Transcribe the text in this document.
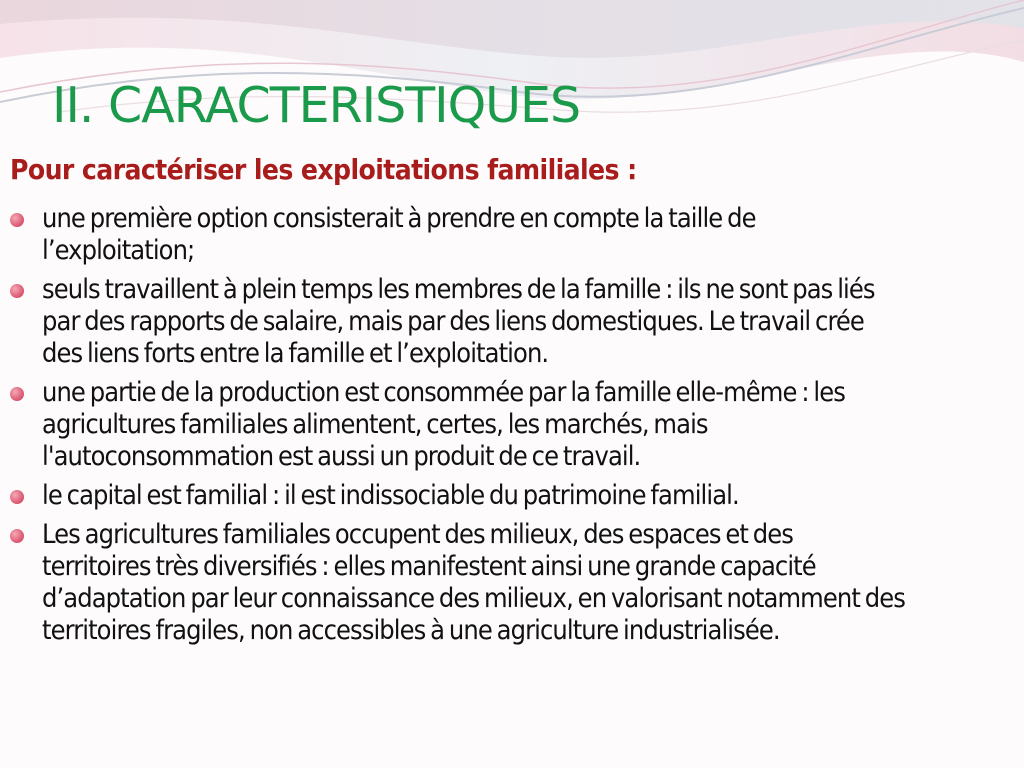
II. CARACTERISTIQUES
Pour caractériser les exploitations familiales :
une première option consisterait à prendre en compte la taille de
l’exploitation;
seuls travaillent à plein temps les membres de la famille : ils ne sont pas liés
par des rapports de salaire, mais par des liens domestiques. Le travail crée
des liens forts entre la famille et l’exploitation.
une partie de la production est consommée par la famille elle-même : les
agricultures familiales alimentent, certes, les marchés, mais
l'autoconsommation est aussi un produit de ce travail.
le capital est familial : il est indissociable du patrimoine familial.
Les agricultures familiales occupent des milieux, des espaces et des
territoires très diversifiés : elles manifestent ainsi une grande capacité
d’adaptation par leur connaissance des milieux, en valorisant notamment des
territoires fragiles, non accessibles à une agriculture industrialisée.
